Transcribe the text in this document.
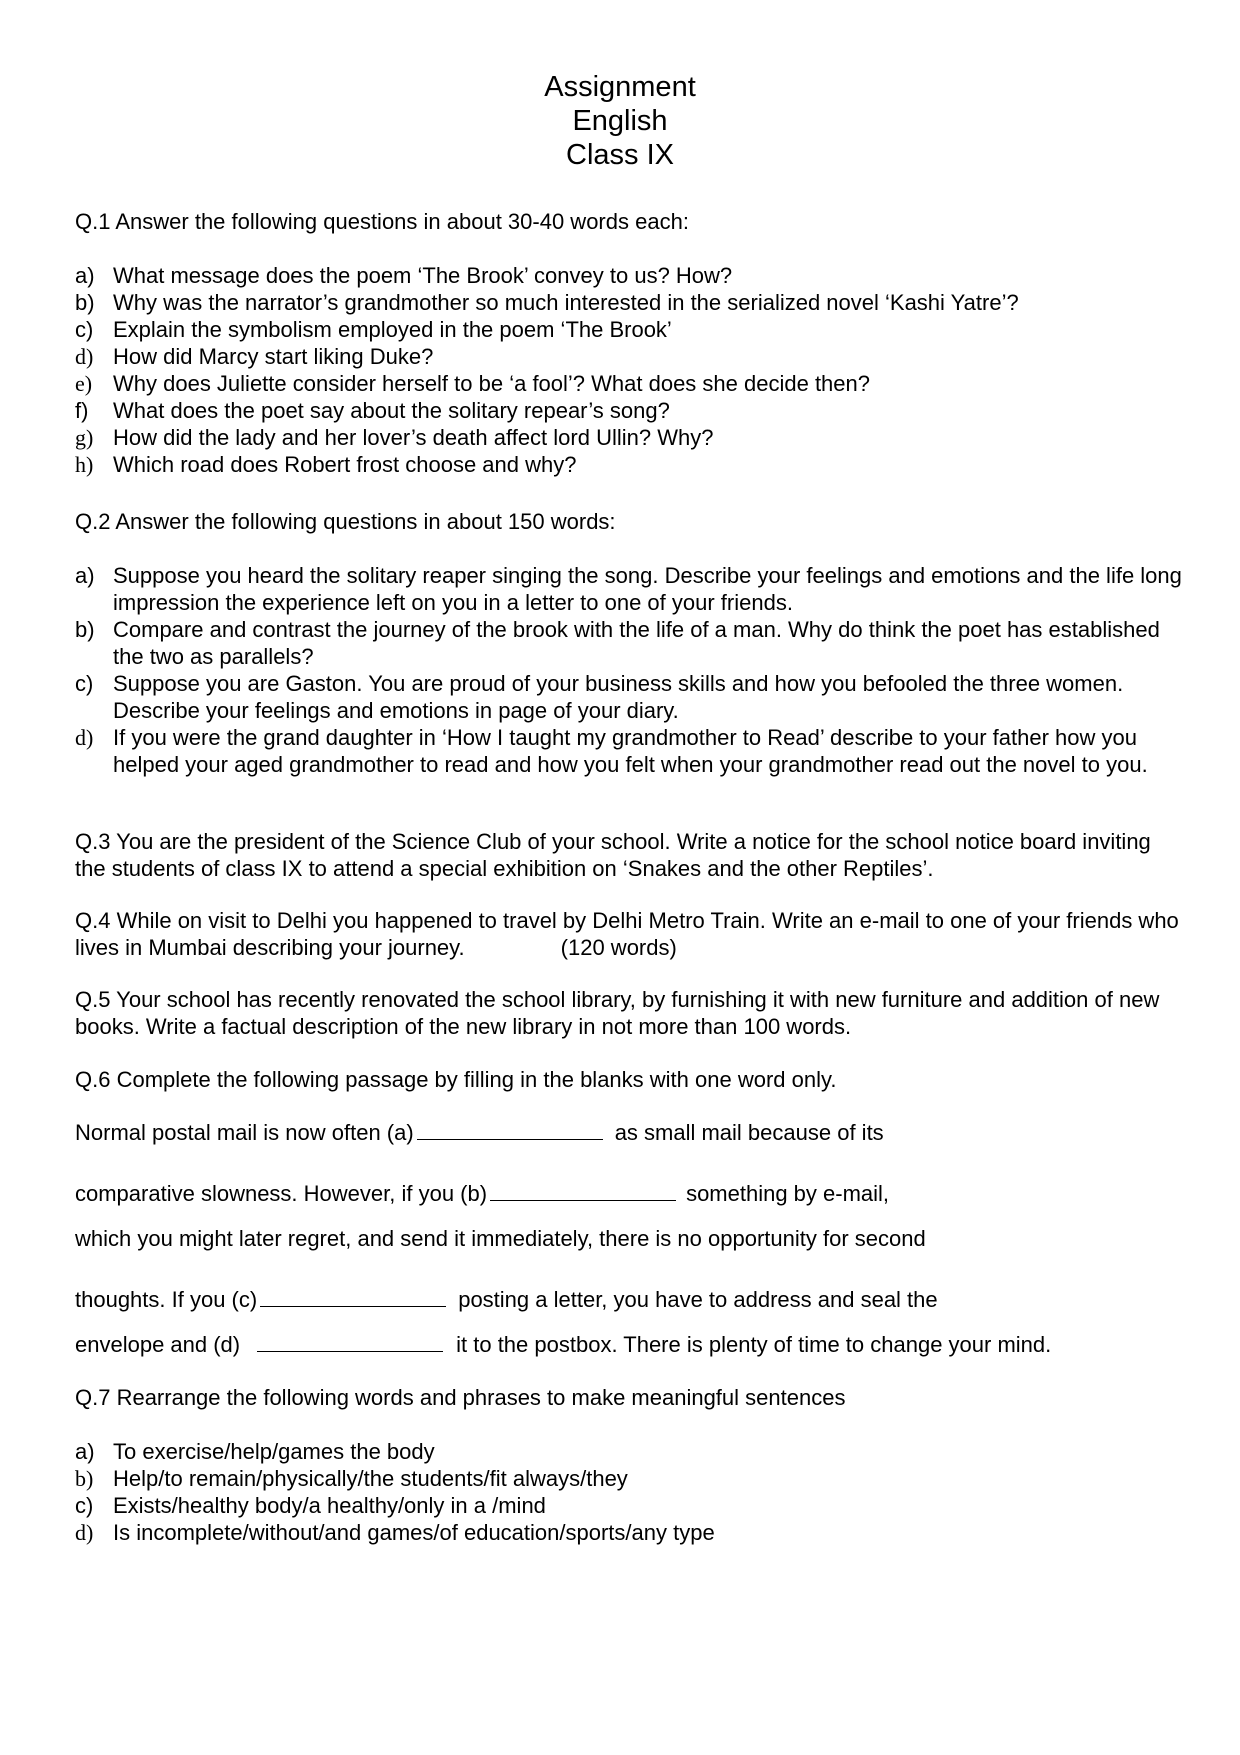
Assignment
English
Class IX
Q.1 Answer the following questions in about 30-40 words each:
a) What message does the poem ‘The Brook’ convey to us? How?
b) Why was the narrator’s grandmother so much interested in the serialized novel ‘Kashi Yatre’?
c) Explain the symbolism employed in the poem ‘The Brook’
d) How did Marcy start liking Duke?
e) Why does Juliette consider herself to be ‘a fool’? What does she decide then?
f) What does the poet say about the solitary repear’s song?
g) How did the lady and her lover’s death affect lord Ullin? Why?
h) Which road does Robert frost choose and why?
Q.2 Answer the following questions in about 150 words:
a) Suppose you heard the solitary reaper singing the song. Describe your feelings and emotions and the life long impression the experience left on you in a letter to one of your friends.
b) Compare and contrast the journey of the brook with the life of a man. Why do think the poet has established the two as parallels?
c) Suppose you are Gaston. You are proud of your business skills and how you befooled the three women. Describe your feelings and emotions in page of your diary.
d) If you were the grand daughter in ‘How I taught my grandmother to Read’ describe to your father how you helped your aged grandmother to read and how you felt when your grandmother read out the novel to you.
Q.3 You are the president of the Science Club of your school. Write a notice for the school notice board inviting the students of class IX to attend a special exhibition on ‘Snakes and the other Reptiles’.
Q.4 While on visit to Delhi you happened to travel by Delhi Metro Train. Write an e-mail to one of your friends who lives in Mumbai describing your journey.	(120 words)
Q.5 Your school has recently renovated the school library, by furnishing it with new furniture and addition of new books. Write a factual description of the new library in not more than 100 words.
Q.6 Complete the following passage by filling in the blanks with one word only.
Normal postal mail is now often (a)	as small mail because of its
comparative slowness. However, if you (b)	something by e-mail,
which you might later regret, and send it immediately, there is no opportunity for second
thoughts. If you (c)	posting a letter, you have to address and seal the
envelope and (d)	it to the postbox. There is plenty of time to change your mind.
Q.7 Rearrange the following words and phrases to make meaningful sentences
a) To exercise/help/games the body
b) Help/to remain/physically/the students/fit always/they
c) Exists/healthy body/a healthy/only in a /mind
d) Is incomplete/without/and games/of education/sports/any type
